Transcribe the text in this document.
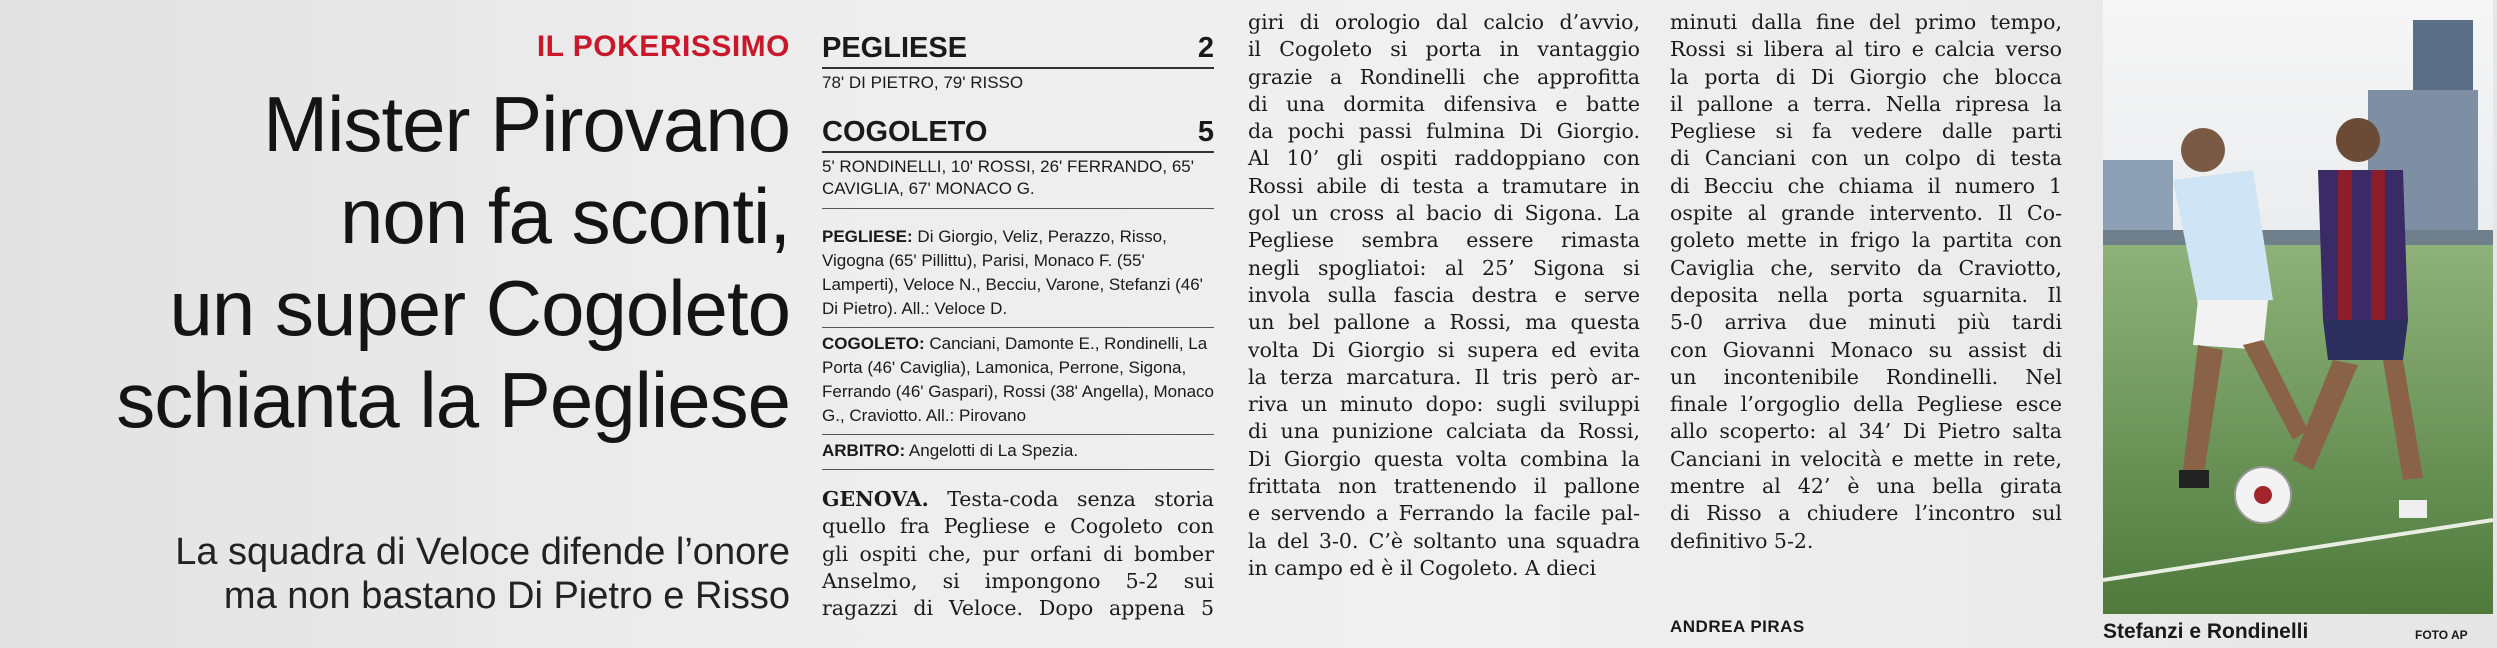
IL POKERISSIMO
Mister Pirovano
non fa sconti,
un super Cogoleto
schianta la Pegliese
La squadra di Veloce difende l’onore
ma non bastano Di Pietro e Risso
PEGLIESE	2
78' DI PIETRO, 79' RISSO
COGOLETO	5
5' RONDINELLI, 10' ROSSI, 26' FERRANDO, 65' CAVIGLIA, 67' MONACO G.
PEGLIESE: Di Giorgio, Veliz, Perazzo, Risso, Vigogna (65' Pillittu), Parisi, Monaco F. (55' Lamperti), Veloce N., Becciu, Varone, Stefanzi (46' Di Pietro). All.: Veloce D.
COGOLETO: Canciani, Damonte E., Rondinelli, La Porta (46' Caviglia), Lamonica, Perrone, Sigona, Ferrando (46' Gaspari), Rossi (38' Angella), Monaco G., Craviotto. All.: Pirovano
ARBITRO: Angelotti di La Spezia.
GENOVA. Testa-coda senza storia
quello fra Pegliese e Cogoleto con
gli ospiti che, pur orfani di bomber
Anselmo, si impongono 5-2 sui
ragazzi di Veloce. Dopo appena 5
giri di orologio dal calcio d’avvio,
il Cogoleto si porta in vantaggio
grazie a Rondinelli che approfitta
di una dormita difensiva e batte
da pochi passi fulmina Di Giorgio.
Al 10’ gli ospiti raddoppiano con
Rossi abile di testa a tramutare in
gol un cross al bacio di Sigona. La
Pegliese sembra essere rimasta
negli spogliatoi: al 25’ Sigona si
invola sulla fascia destra e serve
un bel pallone a Rossi, ma questa
volta Di Giorgio si supera ed evita
la terza marcatura. Il tris però ar-
riva un minuto dopo: sugli sviluppi
di una punizione calciata da Rossi,
Di Giorgio questa volta combina la
frittata non trattenendo il pallone
e servendo a Ferrando la facile pal-
la del 3-0. C’è soltanto una squadra
in campo ed è il Cogoleto. A dieci
minuti dalla fine del primo tempo,
Rossi si libera al tiro e calcia verso
la porta di Di Giorgio che blocca
il pallone a terra. Nella ripresa la
Pegliese si fa vedere dalle parti
di Canciani con un colpo di testa
di Becciu che chiama il numero 1
ospite al grande intervento. Il Co-
goleto mette in frigo la partita con
Caviglia che, servito da Craviotto,
deposita nella porta sguarnita. Il
5-0 arriva due minuti più tardi
con Giovanni Monaco su assist di
un incontenibile Rondinelli. Nel
finale l’orgoglio della Pegliese esce
allo scoperto: al 34’ Di Pietro salta
Canciani in velocità e mette in rete,
mentre al 42’ è una bella girata
di Risso a chiudere l’incontro sul
definitivo 5-2.
ANDREA PIRAS	Stefanzi e Rondinelli	FOTO AP
